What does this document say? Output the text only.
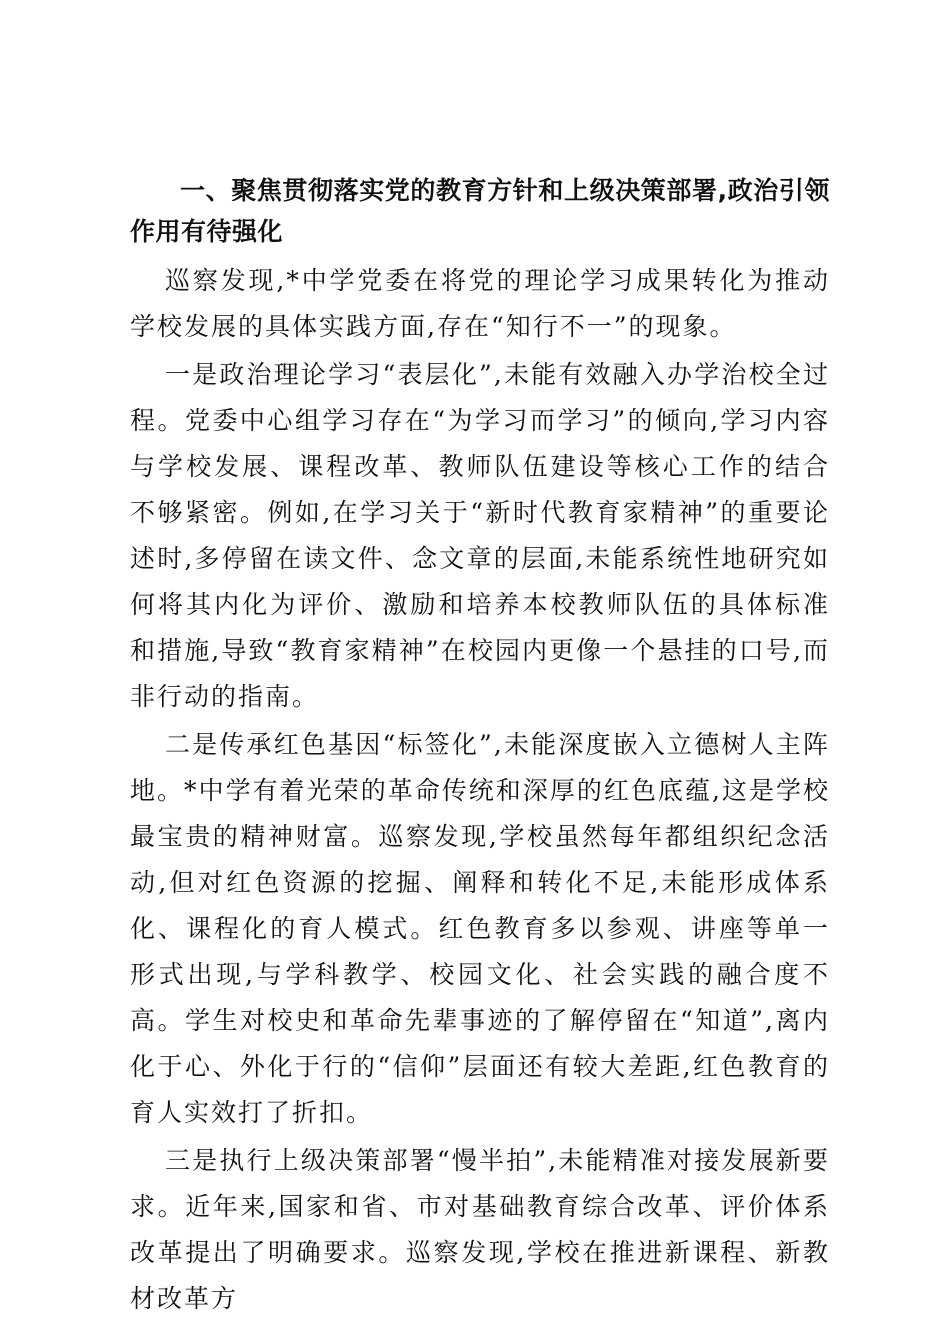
一、聚焦贯彻落实党的教育方针和上级决策部署,政治引领作用有待强化

巡察发现,*中学党委在将党的理论学习成果转化为推动学校发展的具体实践方面,存在“知行不一”的现象。

一是政治理论学习“表层化”,未能有效融入办学治校全过程。党委中心组学习存在“为学习而学习”的倾向,学习内容与学校发展、课程改革、教师队伍建设等核心工作的结合不够紧密。例如,在学习关于“新时代教育家精神”的重要论述时,多停留在读文件、念文章的层面,未能系统性地研究如何将其内化为评价、激励和培养本校教师队伍的具体标准和措施,导致“教育家精神”在校园内更像一个悬挂的口号,而非行动的指南。

二是传承红色基因“标签化”,未能深度嵌入立德树人主阵地。*中学有着光荣的革命传统和深厚的红色底蕴,这是学校最宝贵的精神财富。巡察发现,学校虽然每年都组织纪念活动,但对红色资源的挖掘、阐释和转化不足,未能形成体系化、课程化的育人模式。红色教育多以参观、讲座等单一形式出现,与学科教学、校园文化、社会实践的融合度不高。学生对校史和革命先辈事迹的了解停留在“知道”,离内化于心、外化于行的“信仰”层面还有较大差距,红色教育的育人实效打了折扣。

三是执行上级决策部署“慢半拍”,未能精准对接发展新要求。近年来,国家和省、市对基础教育综合改革、评价体系改革提出了明确要求。巡察发现,学校在推进新课程、新教材改革方
